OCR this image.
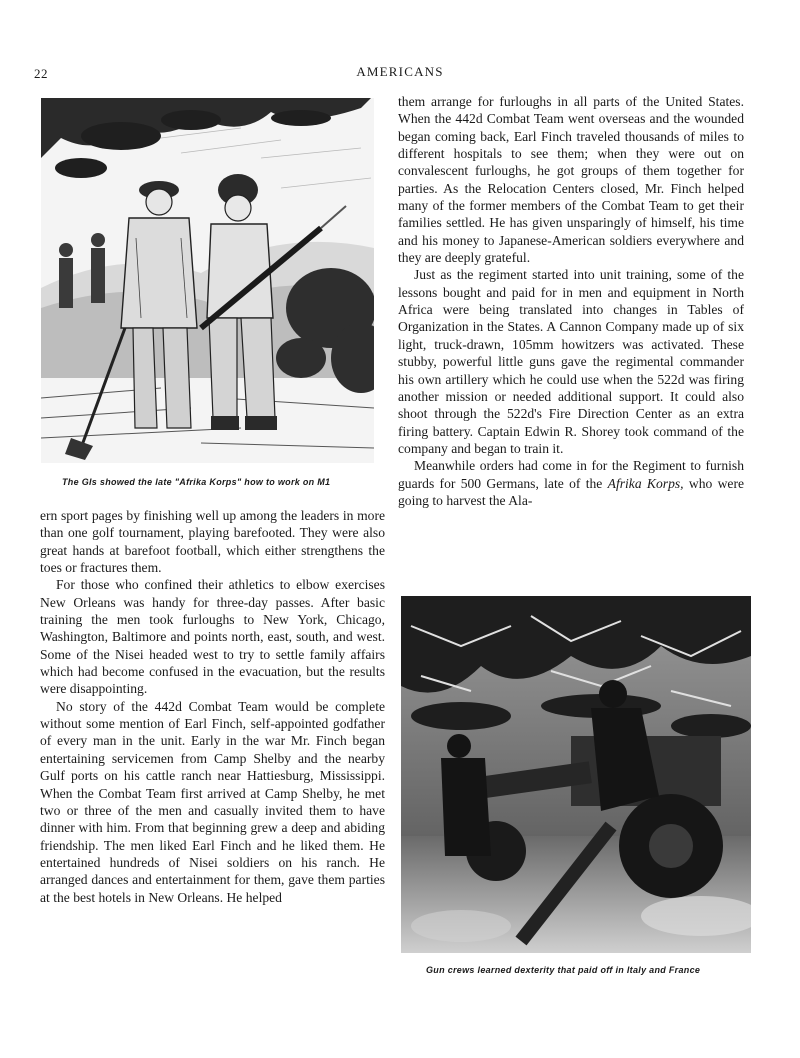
22	AMERICANS
The GIs showed the late "Afrika Korps" how to work on M1

ern sport pages by finishing well up among the leaders in more than one golf tournament, playing barefooted. They were also great hands at barefoot football, which either strengthens the toes or fractures them.

For those who confined their athletics to elbow exercises New Orleans was handy for three-day passes. After basic training the men took furloughs to New York, Chicago, Washington, Baltimore and points north, east, south, and west. Some of the Nisei headed west to try to settle family affairs which had become confused in the evacuation, but the results were disappointing.

No story of the 442d Combat Team would be complete without some mention of Earl Finch, self-appointed godfather of every man in the unit. Early in the war Mr. Finch began entertaining servicemen from Camp Shelby and the nearby Gulf ports on his cattle ranch near Hattiesburg, Mississippi. When the Combat Team first arrived at Camp Shelby, he met two or three of the men and casually invited them to have dinner with him. From that beginning grew a deep and abiding friendship. The men liked Earl Finch and he liked them. He entertained hundreds of Nisei soldiers on his ranch. He arranged dances and entertainment for them, gave them parties at the best hotels in New Orleans. He helped

them arrange for furloughs in all parts of the United States. When the 442d Combat Team went overseas and the wounded began coming back, Earl Finch traveled thousands of miles to different hospitals to see them; when they were out on convalescent furloughs, he got groups of them together for parties. As the Relocation Centers closed, Mr. Finch helped many of the former members of the Combat Team to get their families settled. He has given unsparingly of himself, his time and his money to Japanese-American soldiers everywhere and they are deeply grateful.

Just as the regiment started into unit training, some of the lessons bought and paid for in men and equipment in North Africa were being translated into changes in Tables of Organization in the States. A Cannon Company made up of six light, truck-drawn, 105mm howitzers was activated. These stubby, powerful little guns gave the regimental commander his own artillery which he could use when the 522d was firing another mission or needed additional support. It could also shoot through the 522d's Fire Direction Center as an extra firing battery. Captain Edwin R. Shorey took command of the company and began to train it.

Meanwhile orders had come in for the Regiment to furnish guards for 500 Germans, late of the Afrika Korps, who were going to harvest the Ala-

Gun crews learned dexterity that paid off in Italy and France
